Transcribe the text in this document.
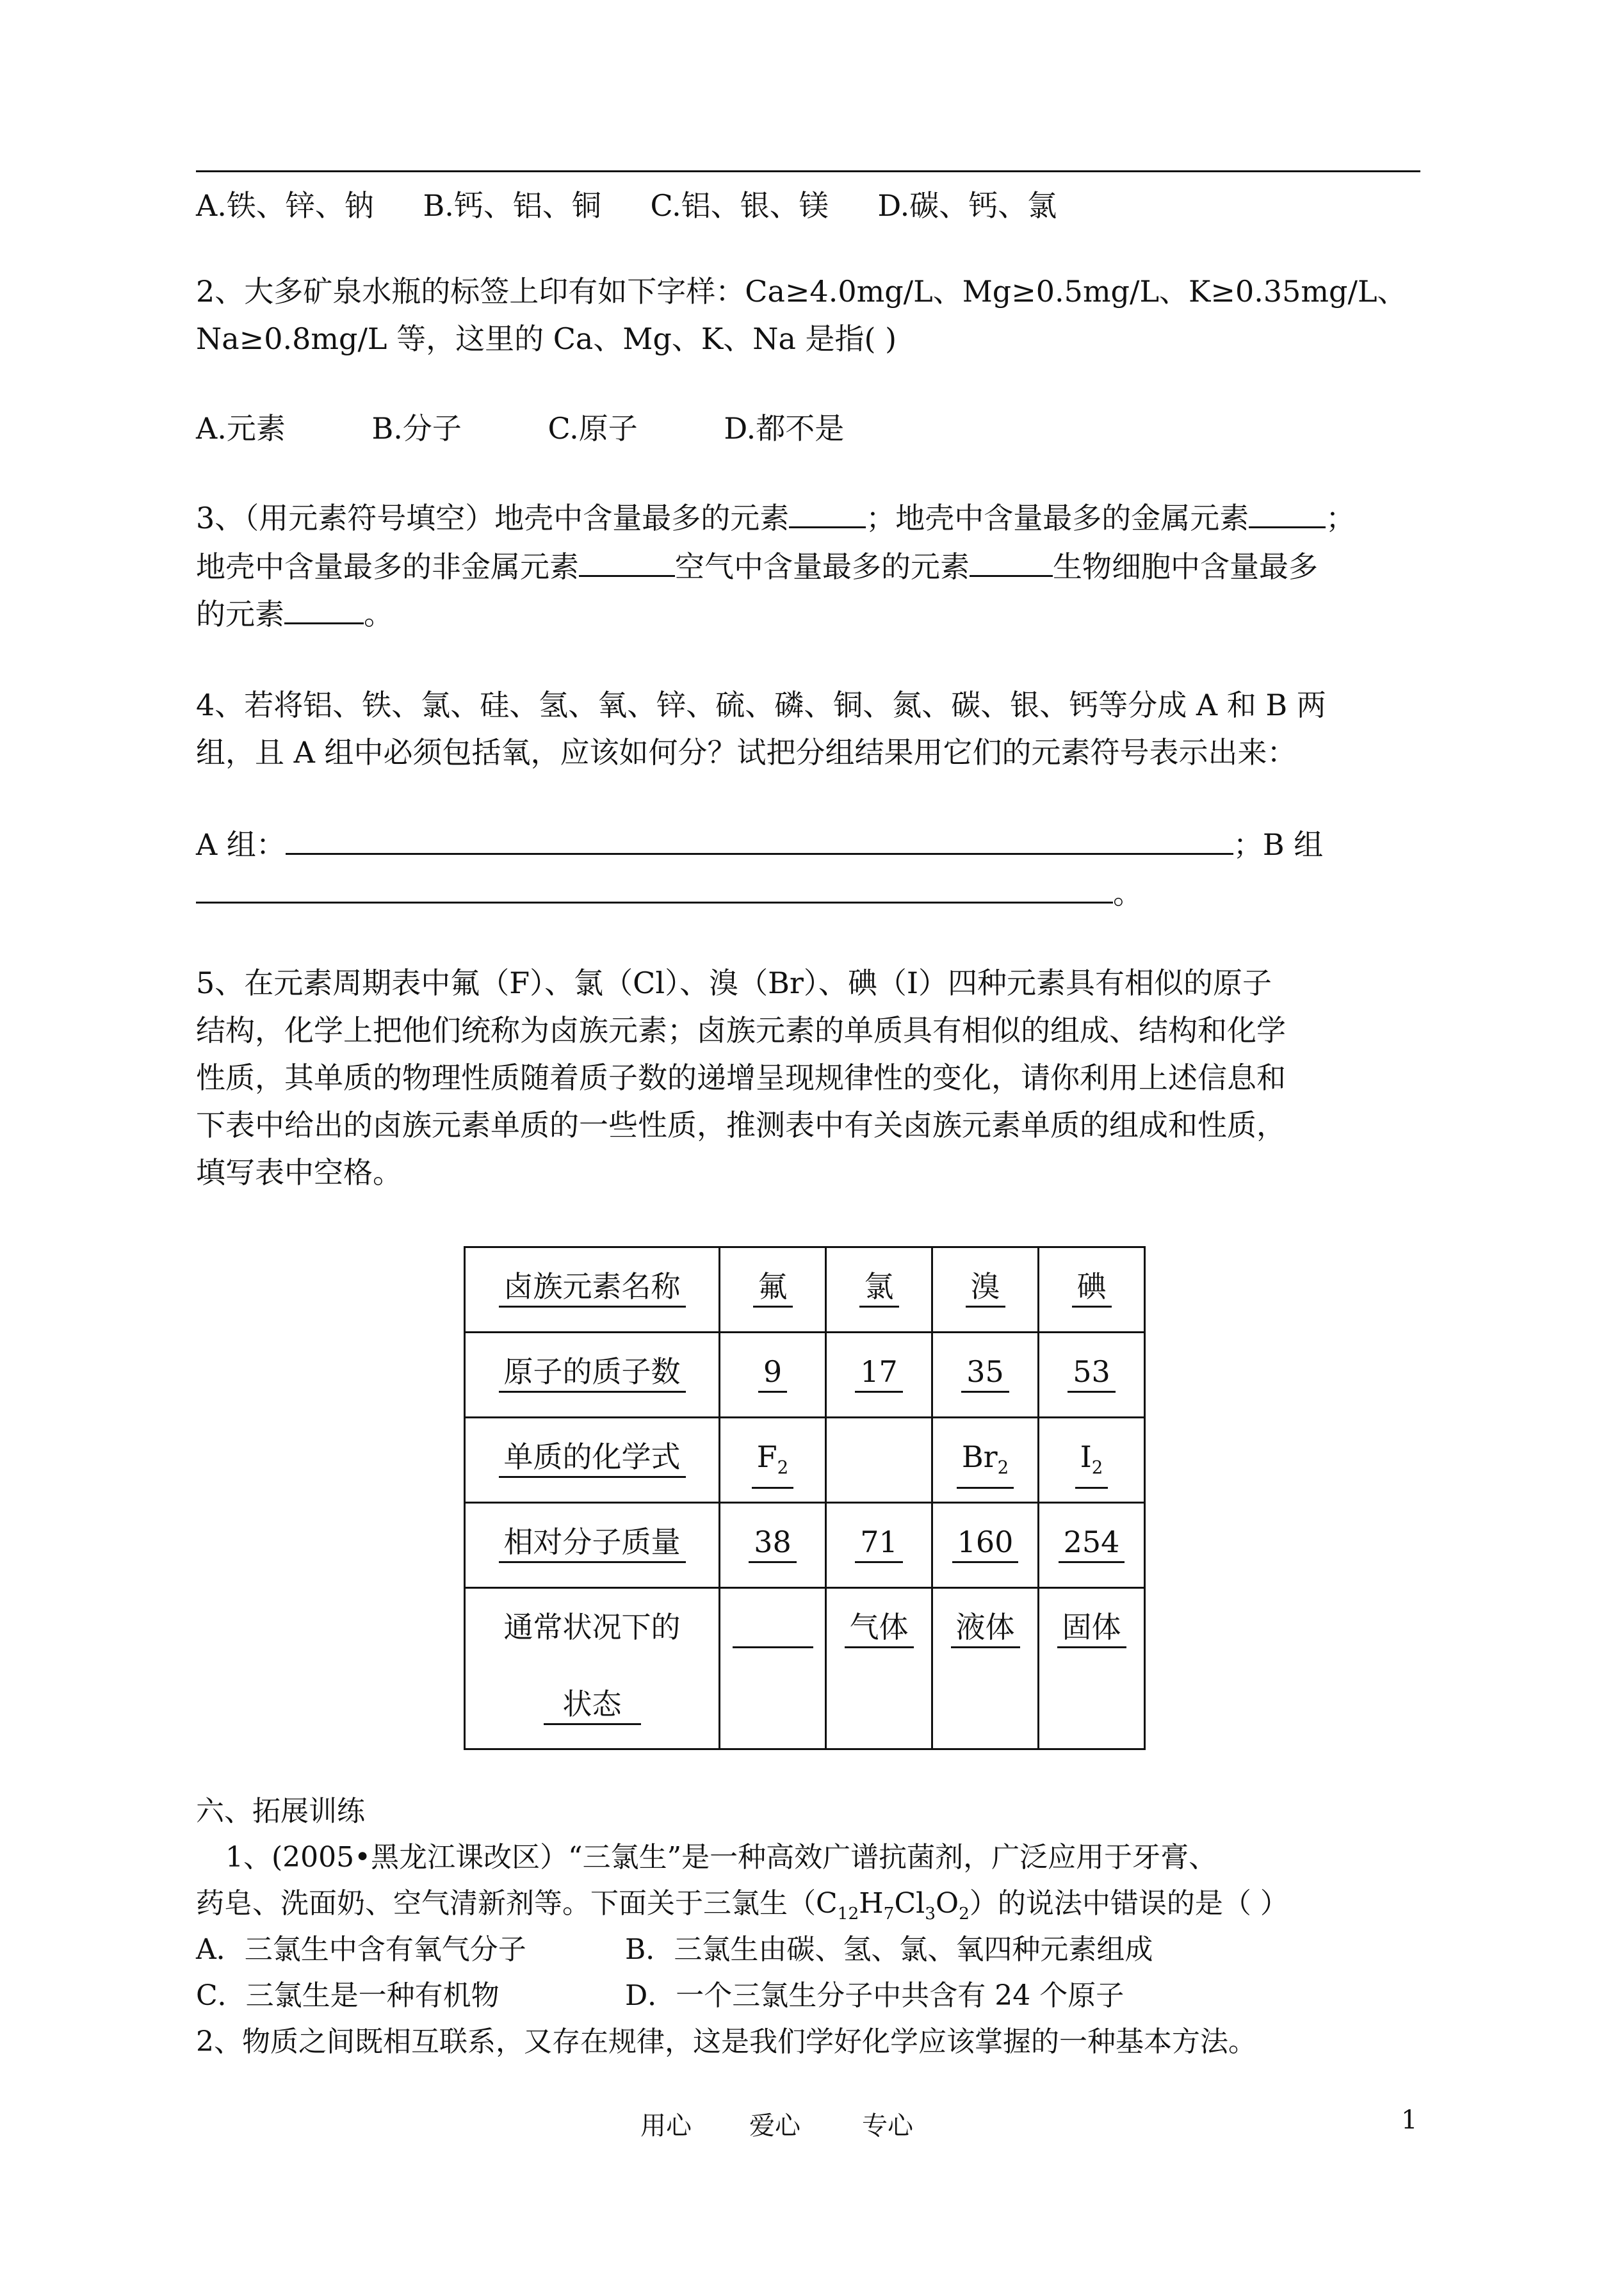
A.铁、锌、钠 B.钙、铝、铜 C.铝、银、镁 D.碳、钙、氯
2、大多矿泉水瓶的标签上印有如下字样：Ca≥4.0mg/L、Mg≥0.5mg/L、K≥0.35mg/L、
Na≥0.8mg/L 等，这里的 Ca、Mg、K、Na 是指( )
A.元素	B.分子	C.原子	D.都不是
3、（用元素符号填空）地壳中含量最多的元素	；地壳中含量最多的金属元素	；
地壳中含量最多的非金属元素	空气中含量最多的元素	生物细胞中含量最多
的元素	。
4、若将铝、铁、氯、硅、氢、氧、锌、硫、磷、铜、氮、碳、银、钙等分成 A 和 B 两
组，且 A 组中必须包括氧，应该如何分？试把分组结果用它们的元素符号表示出来：
A 组：	；B 组
。
5、在元素周期表中氟（F）、氯（Cl）、溴（Br）、碘（I）四种元素具有相似的原子
结构，化学上把他们统称为卤族元素；卤族元素的单质具有相似的组成、结构和化学
性质，其单质的物理性质随着质子数的递增呈现规律性的变化，请你利用上述信息和
下表中给出的卤族元素单质的一些性质，推测表中有关卤族元素单质的组成和性质，
填写表中空格。
卤族元素名称	氟	氯	溴	碘
原子的质子数	9	17	35	53
单质的化学式	$F_2$		$Br_2$	$I_2$
相对分子质量	38	71	160	254

通常状况下的
状态		气体	液体	固体
六、拓展训练
1、(2005•黑龙江课改区）“三氯生”是一种高效广谱抗菌剂，广泛应用于牙膏、
药皂、洗面奶、空气清新剂等。下面关于三氯生$(C_{12}H_7Cl_3O_2)$的说法中错误的是（ ）
A．三氯生中含有氧气分子	B．三氯生由碳、氢、氯、氧四种元素组成
C．三氯生是一种有机物	D．一个三氯生分子中共含有 24 个原子
2、物质之间既相互联系，又存在规律，这是我们学好化学应该掌握的一种基本方法。
用心 爱心 专心	1
